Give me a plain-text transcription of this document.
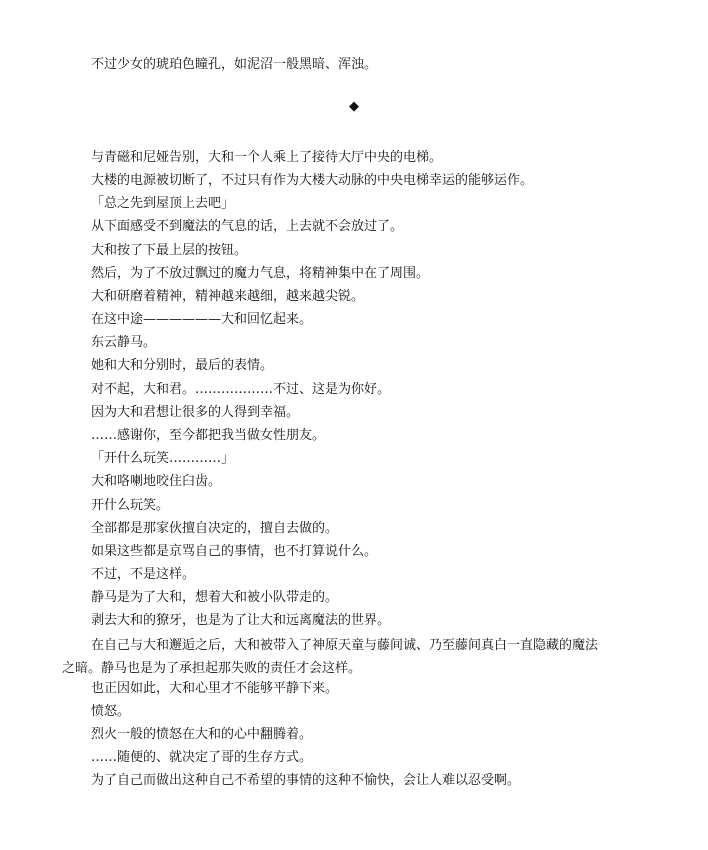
不过少女的琥珀色瞳孔，如泥沼一般黑暗、浑浊。
◆
与青磁和尼娅告别，大和一个人乘上了接待大厅中央的电梯。
大楼的电源被切断了，不过只有作为大楼大动脉的中央电梯幸运的能够运作。
「总之先到屋顶上去吧」
从下面感受不到魔法的气息的话，上去就不会放过了。
大和按了下最上层的按钮。
然后，为了不放过飘过的魔力气息，将精神集中在了周围。
大和研磨着精神，精神越来越细，越来越尖锐。
在这中途——————大和回忆起来。
东云静马。
她和大和分别时，最后的表情。
对不起，大和君。………………不过、这是为你好。
因为大和君想让很多的人得到幸福。
……感谢你，至今都把我当做女性朋友。
「开什么玩笑…………」
大和咯喇地咬住臼齿。
开什么玩笑。
全部都是那家伙擅自决定的，擅自去做的。
如果这些都是京骂自己的事情，也不打算说什么。
不过，不是这样。
静马是为了大和，想着大和被小队带走的。
剥去大和的獠牙，也是为了让大和远离魔法的世界。
在自己与大和邂逅之后，大和被带入了神原天童与藤间诚、乃至藤间真白一直隐藏的魔法之暗。静马也是为了承担起那失败的责任才会这样。
也正因如此，大和心里才不能够平静下来。
愤怒。
烈火一般的愤怒在大和的心中翻腾着。
……随便的、就决定了哥的生存方式。
为了自己而做出这种自己不希望的事情的这种不愉快，会让人难以忍受啊。
